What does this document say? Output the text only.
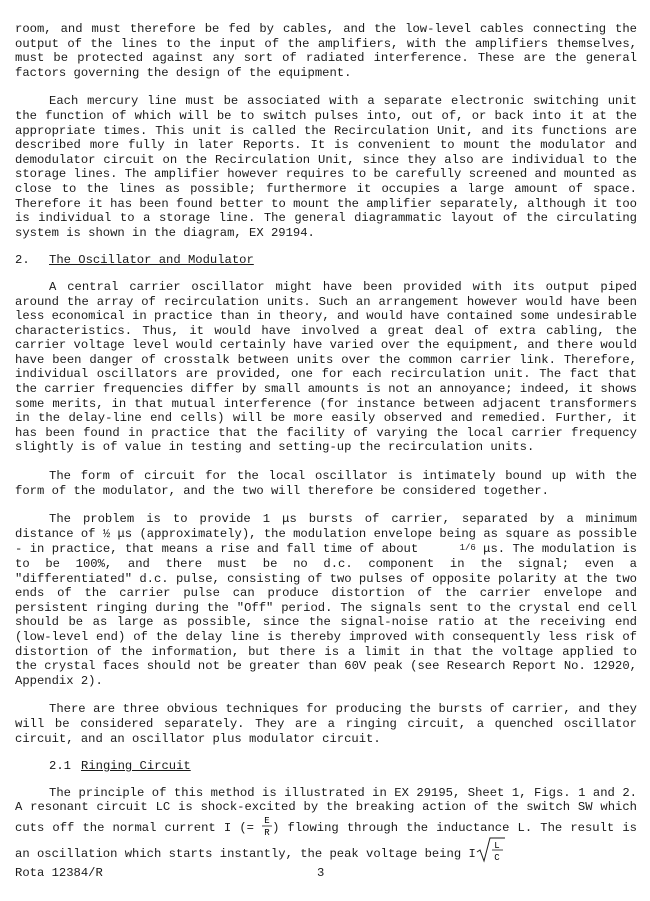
room, and must therefore be fed by cables, and the low-level cables connecting the output of the lines to the input of the amplifiers, with the amplifiers themselves, must be protected against any sort of radiated interference. These are the general factors governing the design of the equipment.

Each mercury line must be associated with a separate electronic switching unit the function of which will be to switch pulses into, out of, or back into it at the appropriate times. This unit is called the Recirculation Unit, and its functions are described more fully in later Reports. It is convenient to mount the modulator and demodulator circuit on the Recirculation Unit, since they also are individual to the storage lines. The amplifier however requires to be carefully screened and mounted as close to the lines as possible; furthermore it occupies a large amount of space. Therefore it has been found better to mount the amplifier separately, although it too is individual to a storage line. The general diagrammatic layout of the circulating system is shown in the diagram, EX 29194.

2. The Oscillator and Modulator

A central carrier oscillator might have been provided with its output piped around the array of recirculation units. Such an arrangement however would have been less economical in practice than in theory, and would have contained some undesirable characteristics. Thus, it would have involved a great deal of extra cabling, the carrier voltage level would certainly have varied over the equipment, and there would have been danger of crosstalk between units over the common carrier link. Therefore, individual oscillators are provided, one for each recirculation unit. The fact that the carrier frequencies differ by small amounts is not an annoyance; indeed, it shows some merits, in that mutual interference (for instance between adjacent transformers in the delay-line end cells) will be more easily observed and remedied. Further, it has been found in practice that the facility of varying the local carrier frequency slightly is of value in testing and setting-up the recirculation units.

The form of circuit for the local oscillator is intimately bound up with the form of the modulator, and the two will therefore be considered together.

The problem is to provide 1 μs bursts of carrier, separated by a minimum distance of ½ μs (approximately), the modulation envelope being as square as possible - in practice, that means a rise and fall time of about	1/6 μs. The modulation is to be 100%, and there must be no d.c. component in the signal; even a "differentiated" d.c. pulse, consisting of two pulses of opposite polarity at the two ends of the carrier pulse can produce distortion of the carrier envelope and persistent ringing during the "Off" period. The signals sent to the crystal end cell should be as large as possible, since the signal-noise ratio at the receiving end (low-level end) of the delay line is thereby improved with consequently less risk of distortion of the information, but there is a limit in that the voltage applied to the crystal faces should not be greater than 60V peak (see Research Report No. 12920, Appendix 2).

There are three obvious techniques for producing the bursts of carrier, and they will be considered separately. They are a ringing circuit, a quenched oscillator circuit, and an oscillator plus modulator circuit.

2.1 Ringing Circuit

The principle of this method is illustrated in EX 29195, Sheet 1, Figs. 1 and 2. A resonant circuit LC is shock-excited by the breaking action of the switch SW which cuts off the normal current I (= E
R ) flowing through the inductance L. The result is an oscillation which starts instantly, the peak voltage being I
L
C

Rota 12384/R	3
